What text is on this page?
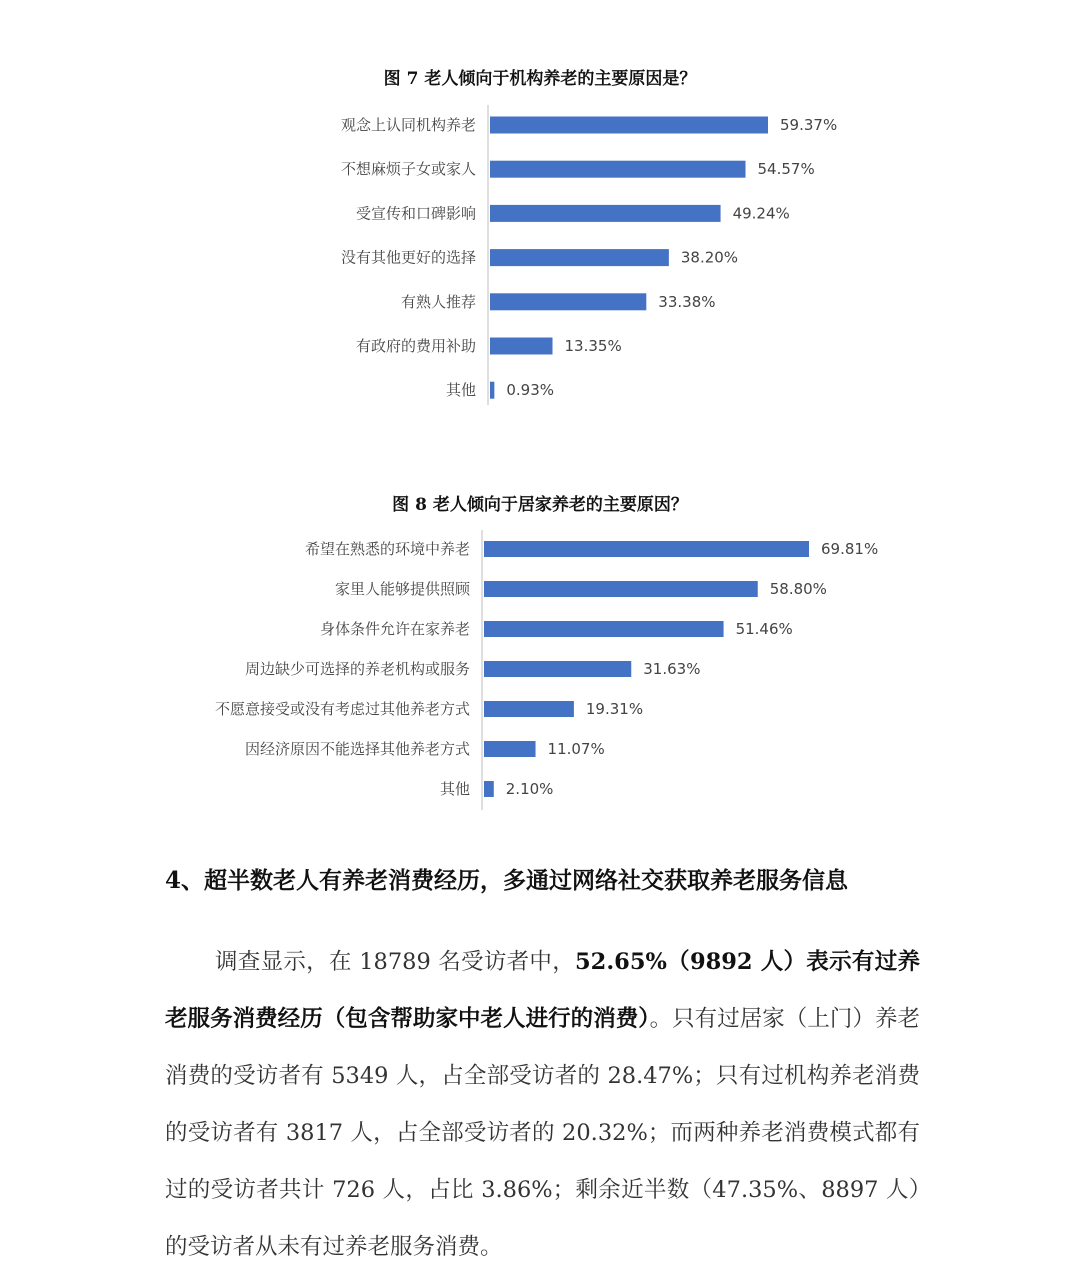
图 7 老人倾向于机构养老的主要原因是？
观念上认同机构养老	59.37%
不想麻烦子女或家人	54.57%
受宣传和口碑影响	49.24%
没有其他更好的选择	38.20%
有熟人推荐	33.38%
有政府的费用补助	13.35%
其他 0.93%
图 8 老人倾向于居家养老的主要原因？
希望在熟悉的环境中养老	69.81%
家里人能够提供照顾	58.80%
身体条件允许在家养老	51.46%
周边缺少可选择的养老机构或服务	31.63%
不愿意接受或没有考虑过其他养老方式	19.31%
因经济原因不能选择其他养老方式	11.07%
其他 2.10%
4、超半数老人有养老消费经历，多通过网络社交获取养老服务信息

调查显示，在 18789 名受访者中，52.65%（9892 人）表示有过养老服务消费经历（包含帮助家中老人进行的消费）。只有过居家（上门）养老消费的受访者有 5349 人，占全部受访者的 28.47%；只有过机构养老消费的受访者有 3817 人，占全部受访者的 20.32%；而两种养老消费模式都有过的受访者共计 726 人，占比 3.86%；剩余近半数（47.35%、8897 人）的受访者从未有过养老服务消费。
